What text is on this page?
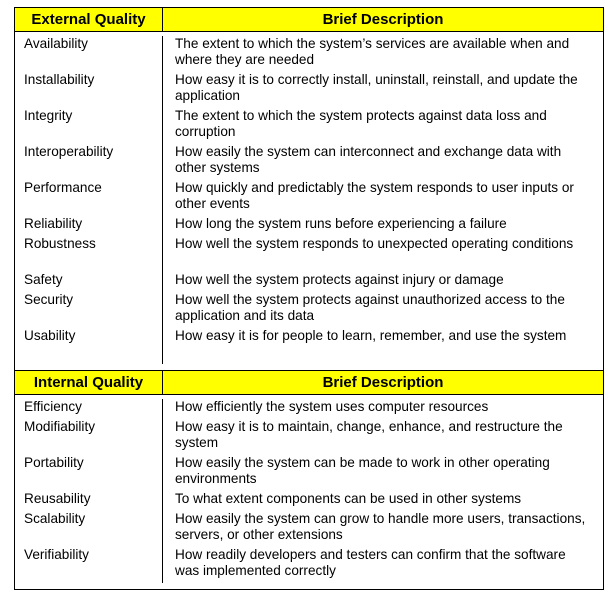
External Quality	Brief Description
Availability	The extent to which the system’s services are available when and where they are needed
Installability	How easy it is to correctly install, uninstall, reinstall, and update the application
Integrity	The extent to which the system protects against data loss and corruption
Interoperability	How easily the system can interconnect and exchange data with other systems
Performance	How quickly and predictably the system responds to user inputs or other events
Reliability	How long the system runs before experiencing a failure
Robustness	How well the system responds to unexpected operating conditions
Safety	How well the system protects against injury or damage
Security	How well the system protects against unauthorized access to the application and its data
Usability	How easy it is for people to learn, remember, and use the system
Internal Quality	Brief Description
Efficiency	How efficiently the system uses computer resources
Modifiability	How easy it is to maintain, change, enhance, and restructure the system
Portability	How easily the system can be made to work in other operating environments
Reusability	To what extent components can be used in other systems
Scalability	How easily the system can grow to handle more users, transactions, servers, or other extensions
Verifiability	How readily developers and testers can confirm that the software was implemented correctly
